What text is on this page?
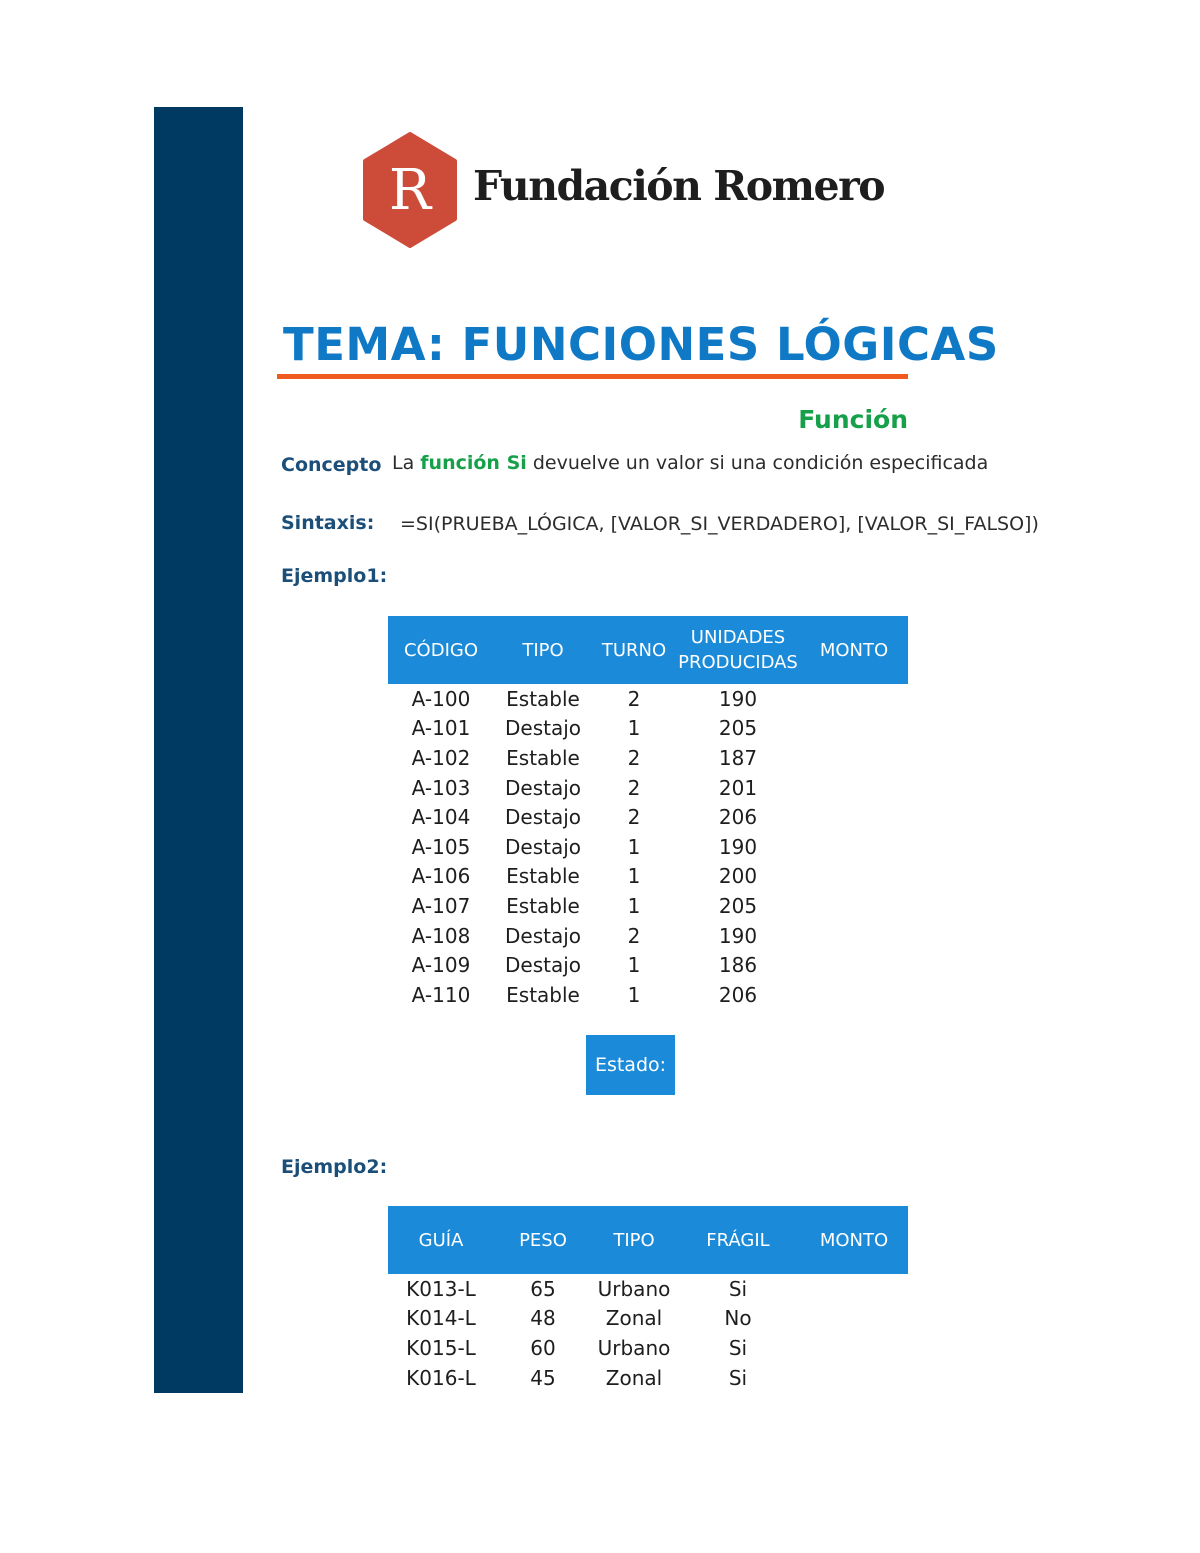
R	Fundación Romero
TEMA: FUNCIONES LÓGICAS
Función
Concepto La función Si devuelve un valor si una condición especificada
Sintaxis: =SI(PRUEBA_LÓGICA, [VALOR_SI_VERDADERO], [VALOR_SI_FALSO])
Ejemplo1:
CÓDIGO	TIPO	TURNO	UNIDADES PRODUCIDAS	MONTO
A-100	Estable	2	190	
A-101	Destajo	1	205	
A-102	Estable	2	187	
A-103	Destajo	2	201	
A-104	Destajo	2	206	
A-105	Destajo	1	190	
A-106	Estable	1	200	
A-107	Estable	1	205	
A-108	Destajo	2	190	
A-109	Destajo	1	186	
A-110	Estable	1	206	
Estado:
Ejemplo2:
GUÍA	PESO	TIPO	FRÁGIL	MONTO
K013-L	65	Urbano	Si	
K014-L	48	Zonal	No	
K015-L	60	Urbano	Si	
K016-L	45	Zonal	Si	
